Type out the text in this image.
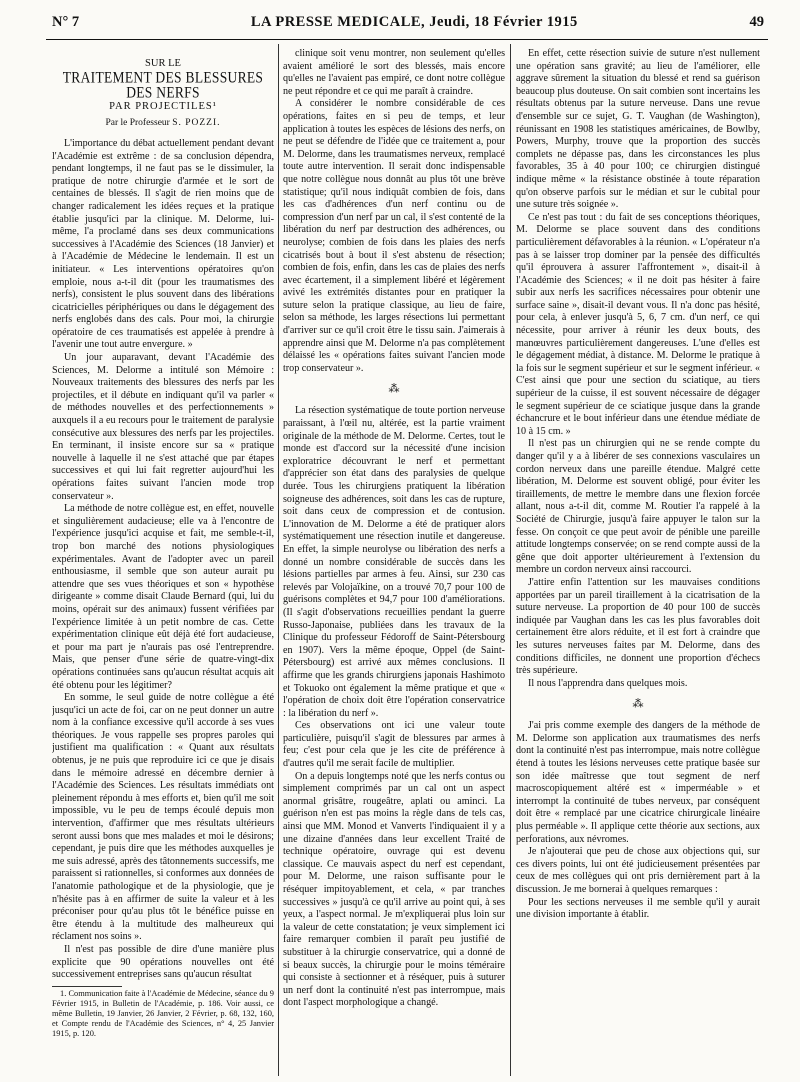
N° 7	LA PRESSE MEDICALE, Jeudi, 18 Février 1915	49

SUR LE

TRAITEMENT DES BLESSURES DES NERFS

PAR PROJECTILES¹

Par le Professeur S. POZZI.

L'importance du débat actuellement pendant devant l'Académie est extrême : de sa conclusion dépendra, pendant longtemps, il ne faut pas se le dissimuler, la pratique de notre chirurgie d'armée et le sort de centaines de blessés. Il s'agit de rien moins que de changer radicalement les idées reçues et la pratique établie jusqu'ici par la clinique. M. Delorme, lui-même, l'a proclamé dans ses deux communications successives à l'Académie des Sciences (18 Janvier) et à l'Académie de Médecine le lendemain. Il est un initiateur. « Les interventions opératoires qu'on emploie, nous a-t-il dit (pour les traumatismes des nerfs), consistent le plus souvent dans des libérations cicatricielles périphériques ou dans le dégagement des nerfs englobés dans des cals. Pour moi, la chirurgie opératoire de ces traumatisés est appelée à prendre à l'avenir une tout autre envergure. »

Un jour auparavant, devant l'Académie des Sciences, M. Delorme a intitulé son Mémoire : Nouveaux traitements des blessures des nerfs par les projectiles, et il débute en indiquant qu'il va parler « de méthodes nouvelles et des perfectionnements » auxquels il a eu recours pour le traitement de paralysie consécutive aux blessures des nerfs par les projectiles. En terminant, il insiste encore sur sa « pratique nouvelle à laquelle il ne s'est attaché que par étapes successives et qui lui fait regretter aujourd'hui les opérations faites suivant l'ancien mode trop conservateur ».

La méthode de notre collègue est, en effet, nouvelle et singulièrement audacieuse; elle va à l'encontre de l'expérience jusqu'ici acquise et fait, me semble-t-il, trop bon marché des notions physiologiques expérimentales. Avant de l'adopter avec un pareil enthousiasme, il semble que son auteur aurait pu attendre que ses vues théoriques et son « hypothèse dirigeante » comme disait Claude Bernard (qui, lui du moins, opérait sur des animaux) fussent vérifiées par l'expérience limitée à un petit nombre de cas. Cette expérimentation clinique eût déjà été fort audacieuse, et pour ma part je n'aurais pas osé l'entreprendre. Mais, que penser d'une série de quatre-vingt-dix opérations continuées sans qu'aucun résultat acquis ait été obtenu pour les légitimer?

En somme, le seul guide de notre collègue a été jusqu'ici un acte de foi, car on ne peut donner un autre nom à la confiance excessive qu'il accorde à ses vues théoriques. Je vous rappelle ses propres paroles qui justifient ma qualification : « Quant aux résultats obtenus, je ne puis que reproduire ici ce que je disais dans le mémoire adressé en décembre dernier à l'Académie des Sciences. Les résultats immédiats ont pleinement répondu à mes efforts et, bien qu'il me soit impossible, vu le peu de temps écoulé depuis mon intervention, d'affirmer que mes résultats ultérieurs seront aussi bons que mes malades et moi le désirons; cependant, je puis dire que les méthodes auxquelles je me suis adressé, après des tâtonnements successifs, me paraissent si rationnelles, si conformes aux données de l'anatomie pathologique et de la physiologie, que je n'hésite pas à en affirmer de suite la valeur et à les préconiser pour qu'au plus tôt le bénéfice puisse en être étendu à la multitude des malheureux qui réclament nos soins ».

Il n'est pas possible de dire d'une manière plus explicite que 90 opérations nouvelles ont été successivement entreprises sans qu'aucun résultat

1. Communication faite à l'Académie de Médecine, séance du 9 Février 1915, in Bulletin de l'Académie, p. 186. Voir aussi, ce même Bulletin, 19 Janvier, 26 Janvier, 2 Février, p. 68, 132, 160, et Compte rendu de l'Académie des Sciences, n° 4, 25 Janvier 1915, p. 120.

clinique soit venu montrer, non seulement qu'elles avaient amélioré le sort des blessés, mais encore qu'elles ne l'avaient pas empiré, ce dont notre collègue ne peut répondre et ce qui me paraît à craindre.

A considérer le nombre considérable de ces opérations, faites en si peu de temps, et leur application à toutes les espèces de lésions des nerfs, on ne peut se défendre de l'idée que ce traitement a, pour M. Delorme, dans les traumatismes nerveux, remplacé toute autre intervention. Il serait donc indispensable que notre collègue nous donnât au plus tôt une brève statistique; qu'il nous indiquât combien de fois, dans les cas d'adhérences d'un nerf continu ou de compression d'un nerf par un cal, il s'est contenté de la libération du nerf par destruction des adhérences, ou neurolyse; combien de fois dans les plaies des nerfs cicatrisés bout à bout il s'est abstenu de résection; combien de fois, enfin, dans les cas de plaies des nerfs avec écartement, il a simplement libéré et légèrement avivé les extrémités distantes pour en pratiquer la suture selon la pratique classique, au lieu de faire, selon sa méthode, les larges résections lui permettant d'arriver sur ce qu'il croit être le tissu sain. J'aimerais à apprendre ainsi que M. Delorme n'a pas complètement délaissé les « opérations faites suivant l'ancien mode trop conservateur ».

⁂

La résection systématique de toute portion nerveuse paraissant, à l'œil nu, altérée, est la partie vraiment originale de la méthode de M. Delorme. Certes, tout le monde est d'accord sur la nécessité d'une incision exploratrice découvrant le nerf et permettant d'apprécier son état dans des paralysies de quelque durée. Tous les chirurgiens pratiquent la libération soigneuse des adhérences, soit dans les cas de rupture, soit dans ceux de compression et de contusion. L'innovation de M. Delorme a été de pratiquer alors systématiquement une résection inutile et dangereuse. En effet, la simple neurolyse ou libération des nerfs a donné un nombre considérable de succès dans les lésions partielles par armes à feu. Ainsi, sur 230 cas relevés par Volojaïkine, on a trouvé 70,7 pour 100 de guérisons complètes et 94,7 pour 100 d'améliorations. (Il s'agit d'observations recueillies pendant la guerre Russo-Japonaise, publiées dans les travaux de la Clinique du professeur Fédoroff de Saint-Pétersbourg en 1907). Vers la même époque, Oppel (de Saint-Pétersbourg) est arrivé aux mêmes conclusions. Il affirme que les grands chirurgiens japonais Hashimoto et Tokuoko ont également la même pratique et que « l'opération de choix doit être l'opération conservatrice : la libération du nerf ».

Ces observations ont ici une valeur toute particulière, puisqu'il s'agit de blessures par armes à feu; c'est pour cela que je les cite de préférence à d'autres qu'il me serait facile de multiplier.

On a depuis longtemps noté que les nerfs contus ou simplement comprimés par un cal ont un aspect anormal grisâtre, rougeâtre, aplati ou aminci. La guérison n'en est pas moins la règle dans de tels cas, ainsi que MM. Monod et Vanverts l'indiquaient il y a une dizaine d'années dans leur excellent Traité de technique opératoire, ouvrage qui est devenu classique. Ce mauvais aspect du nerf est cependant, pour M. Delorme, une raison suffisante pour le réséquer impitoyablement, et cela, « par tranches successives » jusqu'à ce qu'il arrive au point qui, à ses yeux, a l'aspect normal. Je m'expliquerai plus loin sur la valeur de cette constatation; je veux simplement ici faire remarquer combien il paraît peu justifié de substituer à la chirurgie conservatrice, qui a donné de si beaux succès, la chirurgie pour le moins téméraire qui consiste à sectionner et à réséquer, puis à suturer un nerf dont la continuité n'est pas interrompue, mais dont l'aspect morphologique a changé.

En effet, cette résection suivie de suture n'est nullement une opération sans gravité; au lieu de l'améliorer, elle aggrave sûrement la situation du blessé et rend sa guérison beaucoup plus douteuse. On sait combien sont incertains les résultats obtenus par la suture nerveuse. Dans une revue d'ensemble sur ce sujet, G. T. Vaughan (de Washington), réunissant en 1908 les statistiques américaines, de Bowlby, Powers, Murphy, trouve que la proportion des succès complets ne dépasse pas, dans les circonstances les plus favorables, 35 à 40 pour 100; ce chirurgien distingué indique même « la résistance obstinée à toute réparation qu'on observe parfois sur le médian et sur le cubital pour une suture très soignée ».

Ce n'est pas tout : du fait de ses conceptions théoriques, M. Delorme se place souvent dans des conditions particulièrement défavorables à la réunion. « L'opérateur n'a pas à se laisser trop dominer par la pensée des difficultés qu'il éprouvera à assurer l'affrontement », disait-il à l'Académie des Sciences; « il ne doit pas hésiter à faire subir aux nerfs les sacrifices nécessaires pour obtenir une surface saine », disait-il devant vous. Il n'a donc pas hésité, pour cela, à enlever jusqu'à 5, 6, 7 cm. d'un nerf, ce qui nécessite, pour arriver à réunir les deux bouts, des manœuvres particulièrement dangereuses. L'une d'elles est le dégagement médiat, à distance. M. Delorme le pratique à la fois sur le segment supérieur et sur le segment inférieur. « C'est ainsi que pour une section du sciatique, au tiers supérieur de la cuisse, il est souvent nécessaire de dégager le segment supérieur de ce sciatique jusque dans la grande échancrure et le bout inférieur dans une étendue médiate de 10 à 15 cm. »

Il n'est pas un chirurgien qui ne se rende compte du danger qu'il y a à libérer de ses connexions vasculaires un cordon nerveux dans une pareille étendue. Malgré cette libération, M. Delorme est souvent obligé, pour éviter les tiraillements, de mettre le membre dans une flexion forcée allant, nous a-t-il dit, comme M. Routier l'a rappelé à la Société de Chirurgie, jusqu'à faire appuyer le talon sur la fesse. On conçoit ce que peut avoir de pénible une pareille attitude longtemps conservée; on se rend compte aussi de la gêne que doit apporter ultérieurement à l'extension du membre un cordon nerveux ainsi raccourci.

J'attire enfin l'attention sur les mauvaises conditions apportées par un pareil tiraillement à la cicatrisation de la suture nerveuse. La proportion de 40 pour 100 de succès indiquée par Vaughan dans les cas les plus favorables doit certainement être alors réduite, et il est fort à craindre que les sutures nerveuses faites par M. Delorme, dans des conditions difficiles, ne donnent une proportion d'échecs très supérieure.

Il nous l'apprendra dans quelques mois.

⁂

J'ai pris comme exemple des dangers de la méthode de M. Delorme son application aux traumatismes des nerfs dont la continuité n'est pas interrompue, mais notre collègue étend à toutes les lésions nerveuses cette pratique basée sur son idée maîtresse que tout segment de nerf macroscopiquement altéré est « imperméable » et interrompt la continuité de tubes nerveux, par conséquent doit être « remplacé par une cicatrice chirurgicale linéaire plus perméable ». Il applique cette théorie aux sections, aux perforations, aux névromes.

Je n'ajouterai que peu de chose aux objections qui, sur ces divers points, lui ont été judicieusement présentées par ceux de mes collègues qui ont pris dernièrement part à la discussion. Je me bornerai à quelques remarques :

Pour les sections nerveuses il me semble qu'il y aurait une division importante à établir.
